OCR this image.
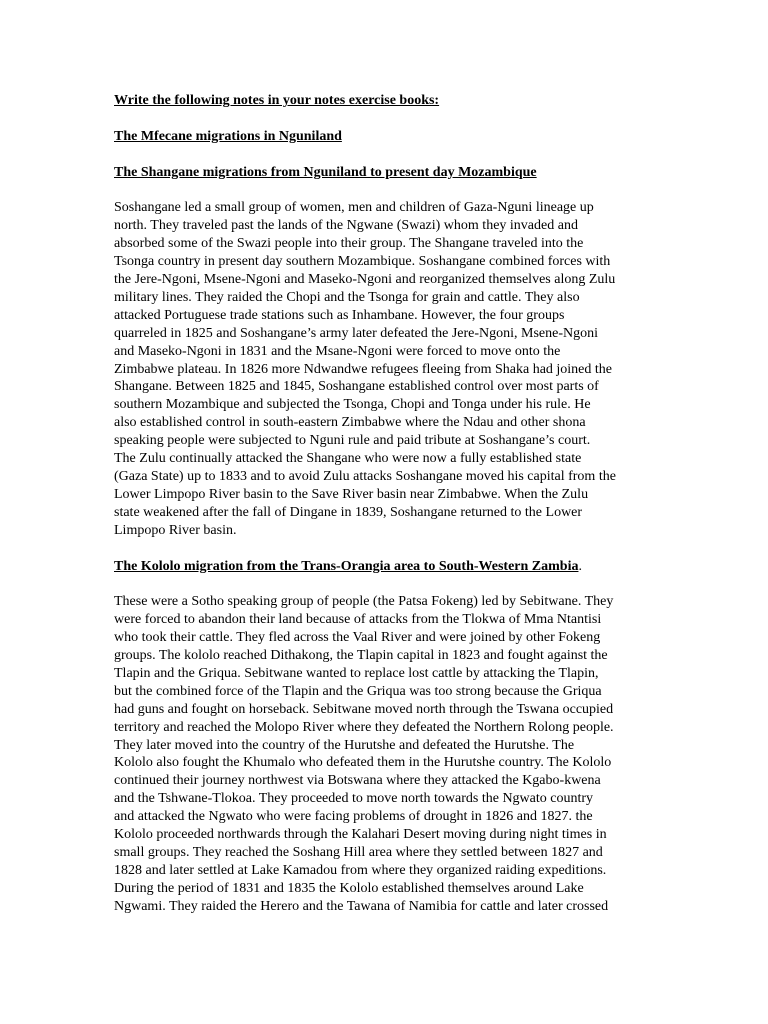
Write the following notes in your notes exercise books:

The Mfecane migrations in Nguniland

The Shangane migrations from Nguniland to present day Mozambique

Soshangane led a small group of women, men and children of Gaza-Nguni lineage up
north. They traveled past the lands of the Ngwane (Swazi) whom they invaded and
absorbed some of the Swazi people into their group. The Shangane traveled into the
Tsonga country in present day southern Mozambique. Soshangane combined forces with
the Jere-Ngoni, Msene-Ngoni and Maseko-Ngoni and reorganized themselves along Zulu
military lines. They raided the Chopi and the Tsonga for grain and cattle. They also
attacked Portuguese trade stations such as Inhambane. However, the four groups
quarreled in 1825 and Soshangane’s army later defeated the Jere-Ngoni, Msene-Ngoni
and Maseko-Ngoni in 1831 and the Msane-Ngoni were forced to move onto the
Zimbabwe plateau. In 1826 more Ndwandwe refugees fleeing from Shaka had joined the
Shangane. Between 1825 and 1845, Soshangane established control over most parts of
southern Mozambique and subjected the Tsonga, Chopi and Tonga under his rule. He
also established control in south-eastern Zimbabwe where the Ndau and other shona
speaking people were subjected to Nguni rule and paid tribute at Soshangane’s court.
The Zulu continually attacked the Shangane who were now a fully established state
(Gaza State) up to 1833 and to avoid Zulu attacks Soshangane moved his capital from the
Lower Limpopo River basin to the Save River basin near Zimbabwe. When the Zulu
state weakened after the fall of Dingane in 1839, Soshangane returned to the Lower
Limpopo River basin.

The Kololo migration from the Trans-Orangia area to South-Western Zambia.

These were a Sotho speaking group of people (the Patsa Fokeng) led by Sebitwane. They
were forced to abandon their land because of attacks from the Tlokwa of Mma Ntantisi
who took their cattle. They fled across the Vaal River and were joined by other Fokeng
groups. The kololo reached Dithakong, the Tlapin capital in 1823 and fought against the
Tlapin and the Griqua. Sebitwane wanted to replace lost cattle by attacking the Tlapin,
but the combined force of the Tlapin and the Griqua was too strong because the Griqua
had guns and fought on horseback. Sebitwane moved north through the Tswana occupied
territory and reached the Molopo River where they defeated the Northern Rolong people.
They later moved into the country of the Hurutshe and defeated the Hurutshe. The
Kololo also fought the Khumalo who defeated them in the Hurutshe country. The Kololo
continued their journey northwest via Botswana where they attacked the Kgabo-kwena
and the Tshwane-Tlokoa. They proceeded to move north towards the Ngwato country
and attacked the Ngwato who were facing problems of drought in 1826 and 1827. the
Kololo proceeded northwards through the Kalahari Desert moving during night times in
small groups. They reached the Soshang Hill area where they settled between 1827 and
1828 and later settled at Lake Kamadou from where they organized raiding expeditions.
During the period of 1831 and 1835 the Kololo established themselves around Lake
Ngwami. They raided the Herero and the Tawana of Namibia for cattle and later crossed
